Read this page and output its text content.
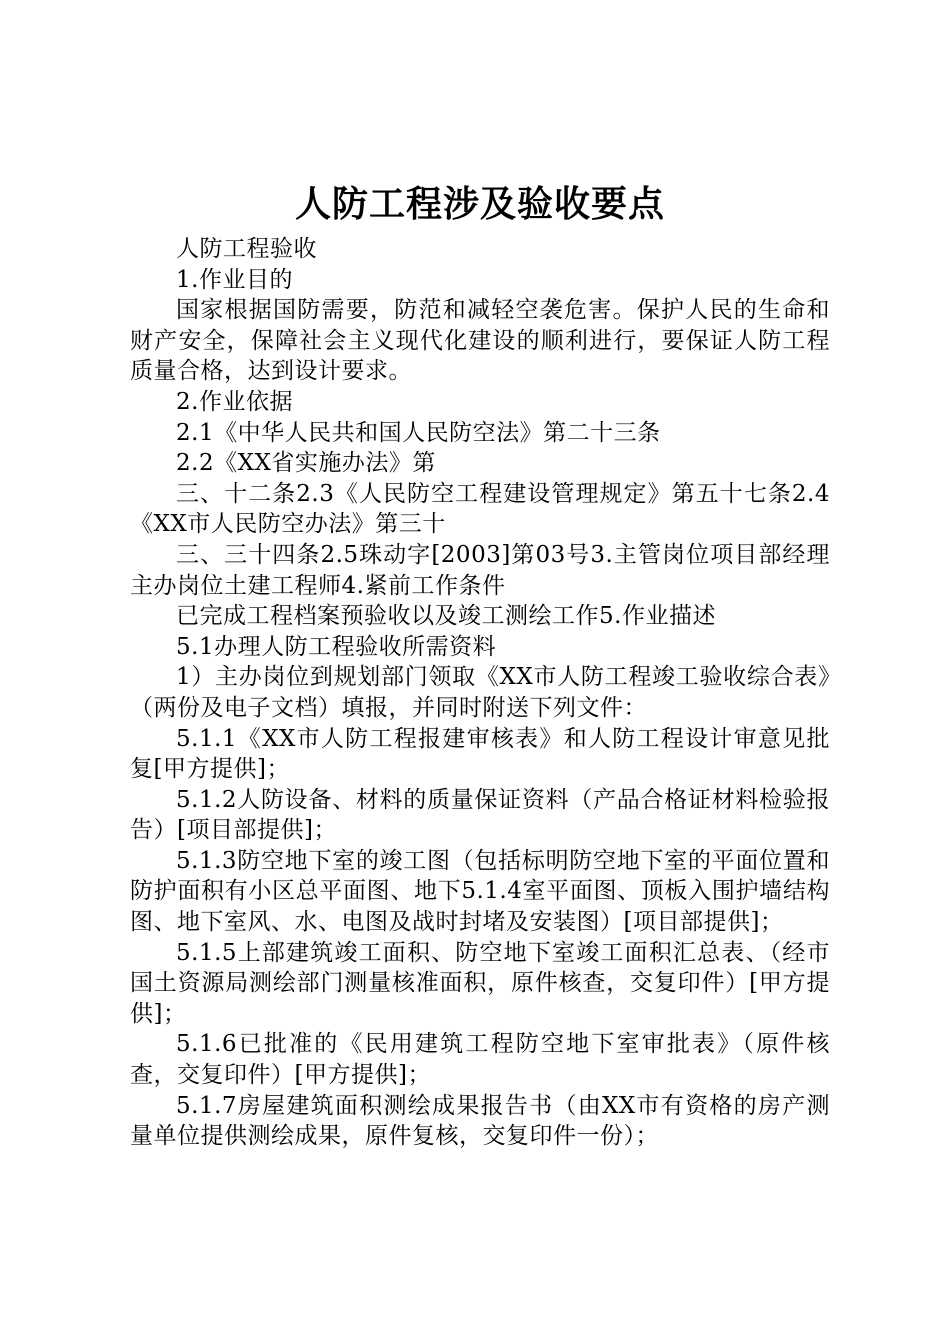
人防工程涉及验收要点

人防工程验收

1.作业目的

国家根据国防需要，防范和减轻空袭危害。保护人民的生命和财产安全，保障社会主义现代化建设的顺利进行，要保证人防工程质量合格，达到设计要求。

2.作业依据

2.1《中华人民共和国人民防空法》第二十三条

2.2《XX省实施办法》第

三、十二条2.3《人民防空工程建设管理规定》第五十七条2.4《XX市人民防空办法》第三十

三、三十四条2.5珠动字[2003]第03号3.主管岗位项目部经理主办岗位土建工程师4.紧前工作条件

已完成工程档案预验收以及竣工测绘工作5.作业描述

5.1办理人防工程验收所需资料

1）主办岗位到规划部门领取《XX市人防工程竣工验收综合表》（两份及电子文档）填报，并同时附送下列文件：

5.1.1《XX市人防工程报建审核表》和人防工程设计审意见批复[甲方提供]；

5.1.2人防设备、材料的质量保证资料（产品合格证材料检验报告）[项目部提供]；

5.1.3防空地下室的竣工图（包括标明防空地下室的平面位置和防护面积有小区总平面图、地下5.1.4室平面图、顶板入围护墙结构图、地下室风、水、电图及战时封堵及安装图）[项目部提供]；

5.1.5上部建筑竣工面积、防空地下室竣工面积汇总表、（经市国土资源局测绘部门测量核准面积，原件核查，交复印件）[甲方提供]；

5.1.6已批准的《民用建筑工程防空地下室审批表》（原件核查，交复印件）[甲方提供]；

5.1.7房屋建筑面积测绘成果报告书（由XX市有资格的房产测量单位提供测绘成果，原件复核，交复印件一份）；
